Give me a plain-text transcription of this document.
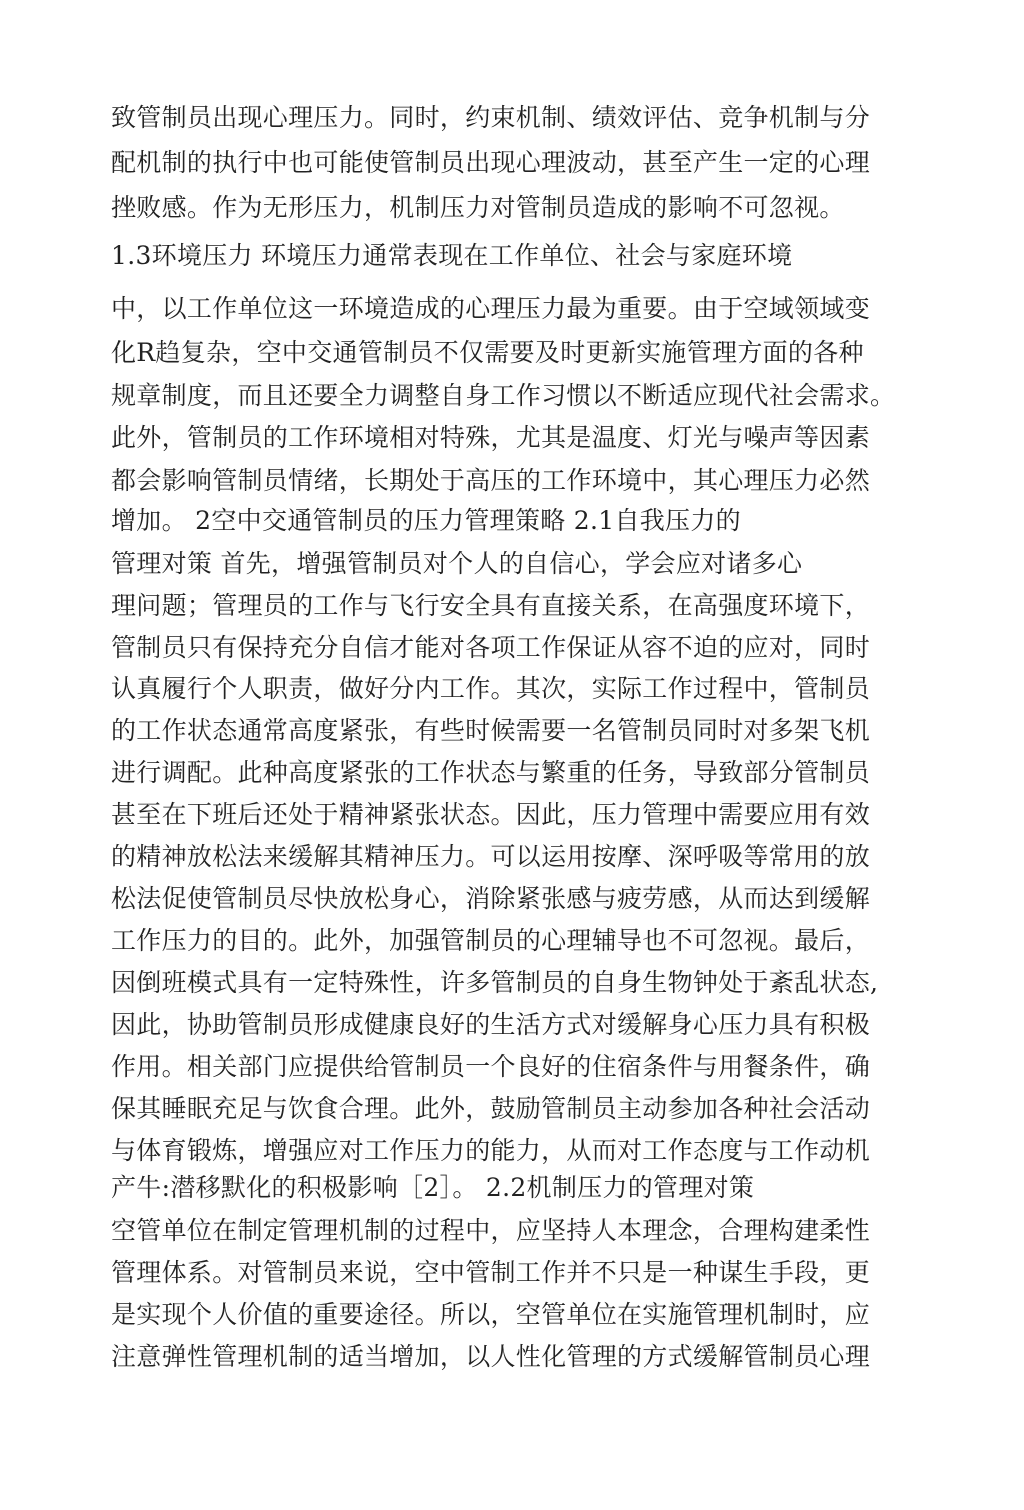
致管制员出现心理压力。同时，约束机制、绩效评估、竞争机制与分
配机制的执行中也可能使管制员出现心理波动，甚至产生一定的心理
挫败感。作为无形压力，机制压力对管制员造成的影响不可忽视。
1.3环境压力 环境压力通常表现在工作单位、社会与家庭环境
中，以工作单位这一环境造成的心理压力最为重要。由于空域领域变
化R趋复杂，空中交通管制员不仅需要及时更新实施管理方面的各种
规章制度，而且还要全力调整自身工作习惯以不断适应现代社会需求。
此外，管制员的工作环境相对特殊，尤其是温度、灯光与噪声等因素
都会影响管制员情绪，长期处于高压的工作环境中，其心理压力必然
增加。 2空中交通管制员的压力管理策略 2.1自我压力的
管理对策 首先，增强管制员对个人的自信心，学会应对诸多心
理问题；管理员的工作与飞行安全具有直接关系，在高强度环境下，
管制员只有保持充分自信才能对各项工作保证从容不迫的应对，同时
认真履行个人职责，做好分内工作。其次，实际工作过程中，管制员
的工作状态通常高度紧张，有些时候需要一名管制员同时对多架飞机
进行调配。此种高度紧张的工作状态与繁重的任务，导致部分管制员
甚至在下班后还处于精神紧张状态。因此，压力管理中需要应用有效
的精神放松法来缓解其精神压力。可以运用按摩、深呼吸等常用的放
松法促使管制员尽快放松身心，消除紧张感与疲劳感，从而达到缓解
工作压力的目的。此外，加强管制员的心理辅导也不可忽视。最后，
因倒班模式具有一定特殊性，许多管制员的自身生物钟处于紊乱状态,
因此，协助管制员形成健康良好的生活方式对缓解身心压力具有积极
作用。相关部门应提供给管制员一个良好的住宿条件与用餐条件，确
保其睡眠充足与饮食合理。此外，鼓励管制员主动参加各种社会活动
与体育锻炼，增强应对工作压力的能力，从而对工作态度与工作动机
产牛:潜移默化的积极影响［2］。 2.2机制压力的管理对策
空管单位在制定管理机制的过程中，应坚持人本理念，合理构建柔性
管理体系。对管制员来说，空中管制工作并不只是一种谋生手段，更
是实现个人价值的重要途径。所以，空管单位在实施管理机制时，应
注意弹性管理机制的适当增加，以人性化管理的方式缓解管制员心理
